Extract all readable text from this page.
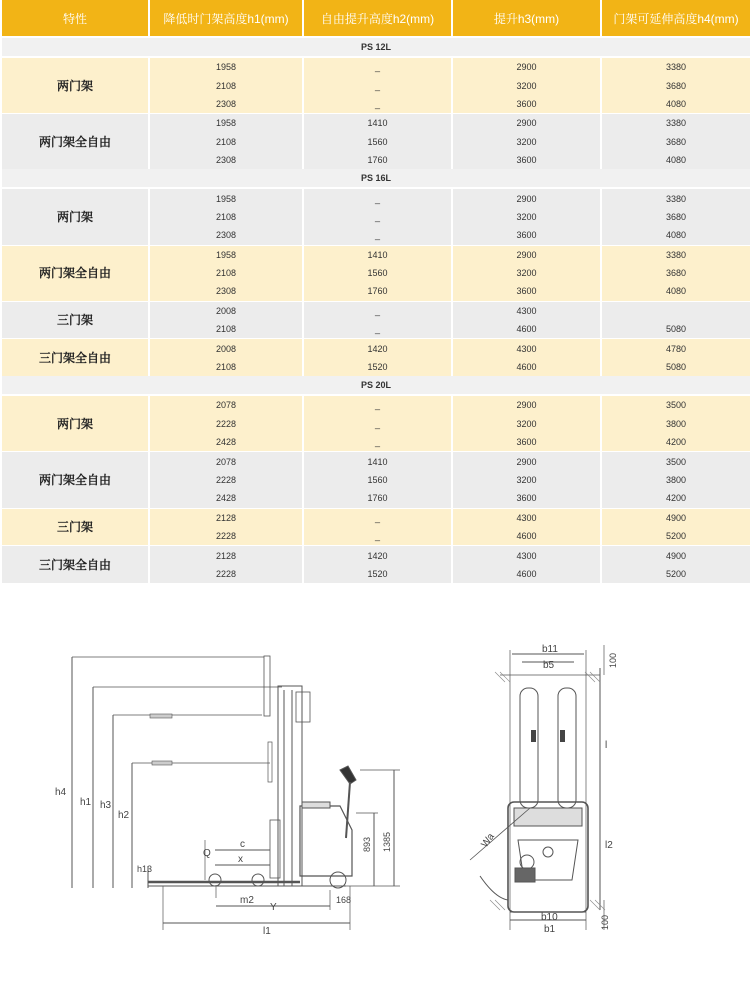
特性	降低时门架高度h1(mm)	自由提升高度h2(mm)	提升h3(mm)	门架可延伸高度h4(mm)
PS 12L				
两门架	1958	_	2900	3380
	2108	_	3200	3680
	2308	_	3600	4080
两门架全自由	1958	1410	2900	3380
	2108	1560	3200	3680
	2308	1760	3600	4080
PS 16L				
两门架	1958	_	2900	3380
	2108	_	3200	3680
	2308	_	3600	4080
两门架全自由	1958	1410	2900	3380
	2108	1560	3200	3680
	2308	1760	3600	4080
三门架	2008	_	4300	
	2108	_	4600	5080
三门架全自由	2008	1420	4300	4780
	2108	1520	4600	5080
PS 20L				
两门架	2078	_	2900	3500
	2228	_	3200	3800
	2428	_	3600	4200
两门架全自由	2078	1410	2900	3500
	2228	1560	3200	3800
	2428	1760	3600	4200
三门架	2128	_	4300	4900
	2228	_	4600	5200
三门架全自由	2128	1420	4300	4900
	2228	1520	4600	5200
h4
h1 h3
h2
h13
Q
c
x
m2
Y
l1
168
893 1385
b11
b5	100
l
l2
Wa
b10
b1	100
